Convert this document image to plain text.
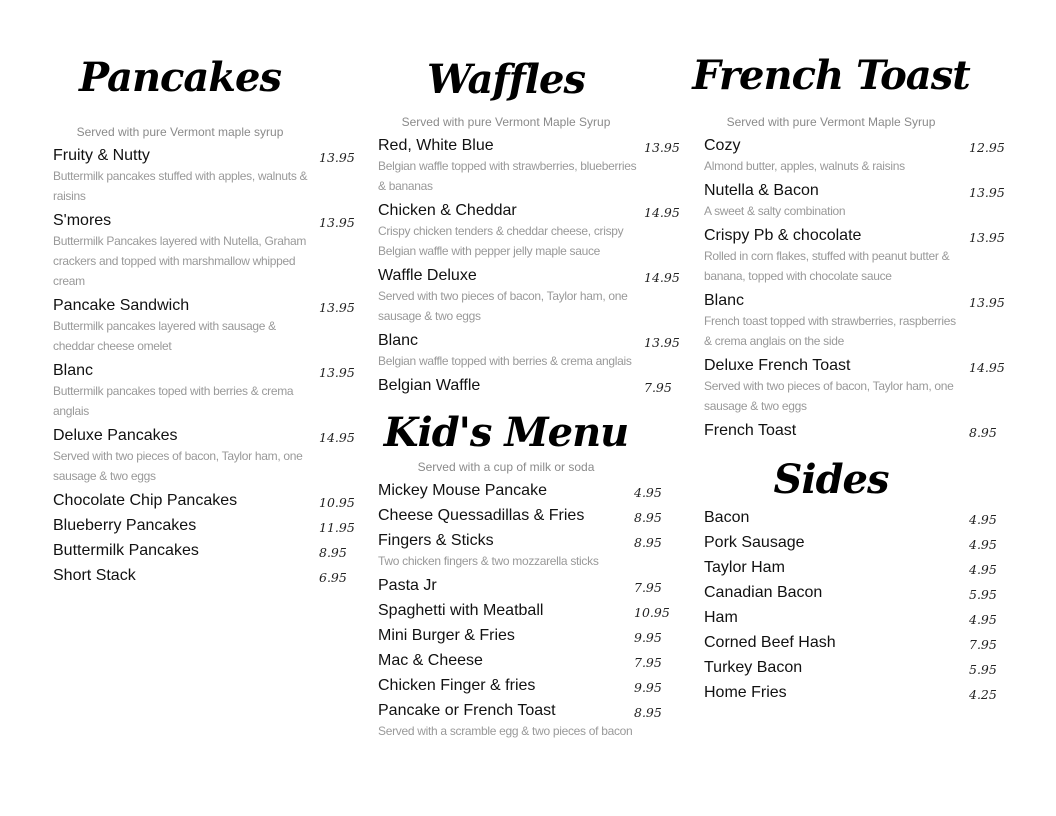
Pancakes
Served with pure Vermont maple syrup
Fruity & Nutty	13.95
Buttermilk pancakes stuffed with apples, walnuts & raisins
S'mores	13.95
Buttermilk Pancakes layered with Nutella, Graham crackers and topped with marshmallow whipped cream
Pancake Sandwich	13.95
Buttermilk pancakes layered with sausage & cheddar cheese omelet
Blanc	13.95
Buttermilk pancakes toped with berries & crema anglais
Deluxe Pancakes	14.95
Served with two pieces of bacon, Taylor ham, one sausage & two eggs
Chocolate Chip Pancakes	10.95
Blueberry Pancakes	11.95
Buttermilk Pancakes	8.95
Short Stack	6.95
Waffles
Served with pure Vermont Maple Syrup
Red, White Blue	13.95
Belgian waffle topped with strawberries, blueberries & bananas
Chicken & Cheddar	14.95
Crispy chicken tenders & cheddar cheese, crispy Belgian waffle with pepper jelly maple sauce
Waffle Deluxe	14.95
Served with two pieces of bacon, Taylor ham, one sausage & two eggs
Blanc	13.95
Belgian waffle topped with berries & crema anglais
Belgian Waffle	7.95
Kid's Menu
Served with a cup of milk or soda
Mickey Mouse Pancake	4.95
Cheese Quessadillas & Fries	8.95
Fingers & Sticks	8.95
Two chicken fingers & two mozzarella sticks
Pasta Jr	7.95
Spaghetti with Meatball	10.95
Mini Burger & Fries	9.95
Mac & Cheese	7.95
Chicken Finger & fries	9.95
Pancake or French Toast	8.95
Served with a scramble egg & two pieces of bacon
French Toast
Served with pure Vermont Maple Syrup
Cozy	12.95
Almond butter, apples, walnuts & raisins
Nutella & Bacon	13.95
A sweet & salty combination
Crispy Pb & chocolate	13.95
Rolled in corn flakes, stuffed with peanut butter & banana, topped with chocolate sauce
Blanc	13.95
French toast topped with strawberries, raspberries & crema anglais on the side
Deluxe French Toast	14.95
Served with two pieces of bacon, Taylor ham, one sausage & two eggs
French Toast	8.95
Sides
Bacon	4.95
Pork Sausage	4.95
Taylor Ham	4.95
Canadian Bacon	5.95
Ham	4.95
Corned Beef Hash	7.95
Turkey Bacon	5.95
Home Fries	4.25
